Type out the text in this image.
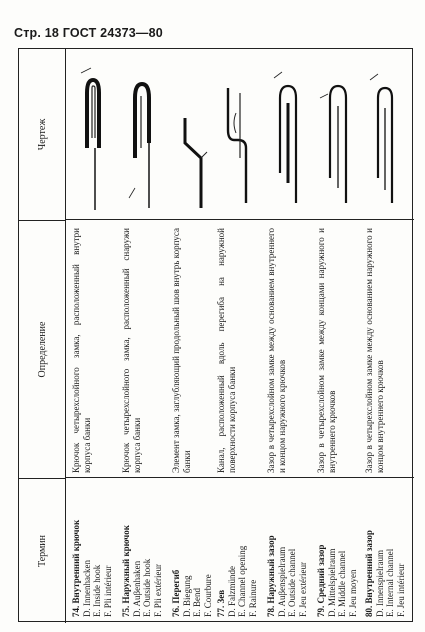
Стр. 18 ГОСТ 24373—80
Термин
Определение
Чертеж
74. Внутренний крючок D. Innenhacken E. Inside hook F. Pli intérieur
Крючок четырехслойного замка, расположенный внутри корпуса банки
75. Наружный крючок D. Auβenhaken E. Outside hook F. Pli extérieur
Крючок четырехслойного замка, расположенный снаружи корпуса банки
76. Перегиб D. Biegung E. Bend F. Courbure
Элемент замка, заглубляющий продольный шов внутрь корпуса банки
77. Зев D. Falzmünde E. Channel opening F. Rainure
Канал, расположенный вдоль перегиба на наружной поверхности корпуса банки
78. Наружный зазор D. Auβenspielraum E. Outside channel F. Jeu extérieur
Зазор в четырехслойном замке между основанием внутреннего и концом наружного крючков
79. Средний зазор D. Mittelspielraum E. Middle channel F. Jeu moyen
Зазор в четырехслойном замке между концами наружного и внутреннего крючков
80. Внутренний зазор D. Innenspielraum E. Internal channel F. Jeu intérieur
Зазор в четырехслойном замке между основанием наружного и концом внутреннего крючков
